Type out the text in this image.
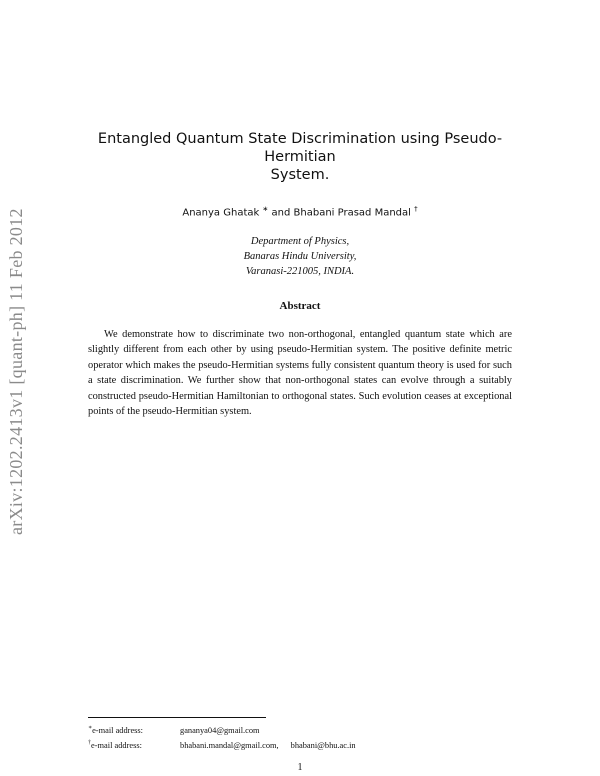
arXiv:1202.2413v1 [quant-ph] 11 Feb 2012
Entangled Quantum State Discrimination using Pseudo-Hermitian
System.
Ananya Ghatak ∗ and Bhabani Prasad Mandal †
Department of Physics,
Banaras Hindu University,
Varanasi-221005, INDIA.
Abstract
We demonstrate how to discriminate two non-orthogonal, entangled quantum state which are slightly different from each other by using pseudo-Hermitian system. The positive definite metric operator which makes the pseudo-Hermitian systems fully consistent quantum theory is used for such a state discrimination. We further show that non-orthogonal states can evolve through a suitably constructed pseudo-Hermitian Hamiltonian to orthogonal states. Such evolution ceases at exceptional points of the pseudo-Hermitian system.
∗e-mail address:	gananya04@gmail.com
†e-mail address:	bhabani.mandal@gmail.com, bhabani@bhu.ac.in
1
